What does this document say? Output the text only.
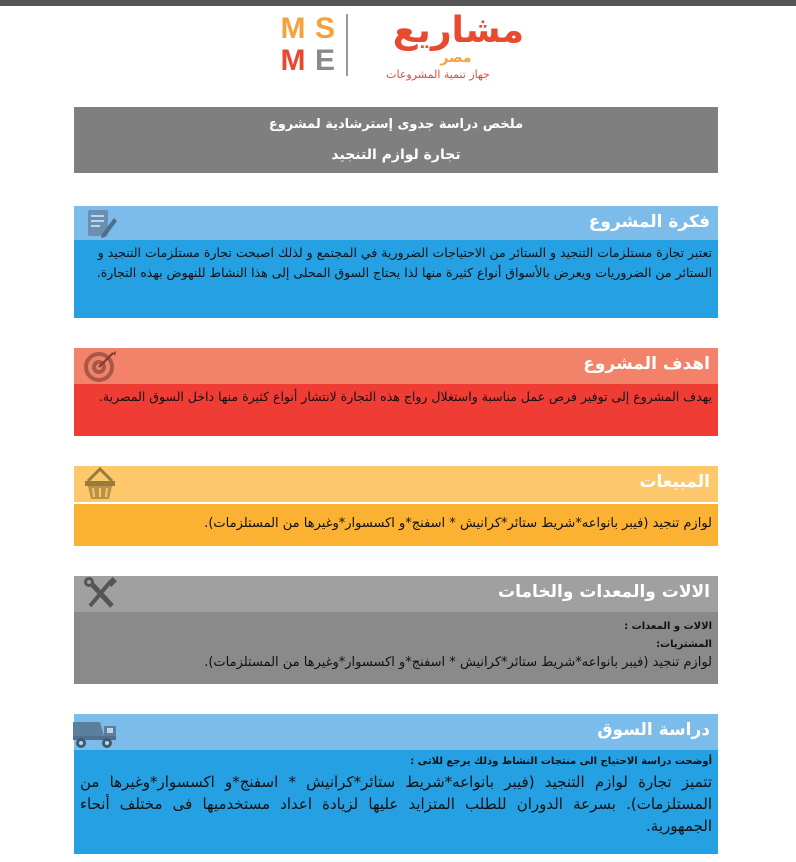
M S
M E
مشاريع
مصر
جهاز تنمية المشروعات
ملخص دراسة جدوى إسترشادية لمشروع
تجارة لوازم التنجيد
فكرة المشروع

تعتبر تجارة مستلزمات التنجيد و الستائر من الاحتياجات الضرورية في المجتمع و لذلك اصبحت تجارة مستلزمات التنجيد و الستائر من الضروريات ويعرض بالأسواق أنواع كثيرة منها لذا يحتاج السوق المحلى إلى هذا النشاط للنهوض بهذه التجارة.

اهدف المشروع

يهدف المشروع إلى توفير فرص عمل مناسبة واستغلال رواج هذه التجارة لانتشار أنواع كثيرة منها داخل السوق المصرية.

المبيعات

لوازم تنجيد (فيبر بانواعه*شريط ستائر*كرانيش * اسفنج*و اكسسوار*وغيرها من المستلزمات).

الالات والمعدات والخامات

الالات و المعدات :

المشتريات:

لوازم تنجيد (فيبر بانواعه*شريط ستائر*كرانيش * اسفنج*و اكسسوار*وغيرها من المستلزمات).

دراسة السوق

أوضحت دراسة الاحتياج الى منتجات النشاط وذلك يرجع للاتى :

تتميز تجارة لوازم التنجيد (فيبر بانواعه*شريط ستائر*كرانيش * اسفنج*و اكسسوار*وغيرها من المستلزمات). بسرعة الدوران للطلب المتزايد عليها لزيادة اعداد مستخدميها فى مختلف أنحاء الجمهورية.
